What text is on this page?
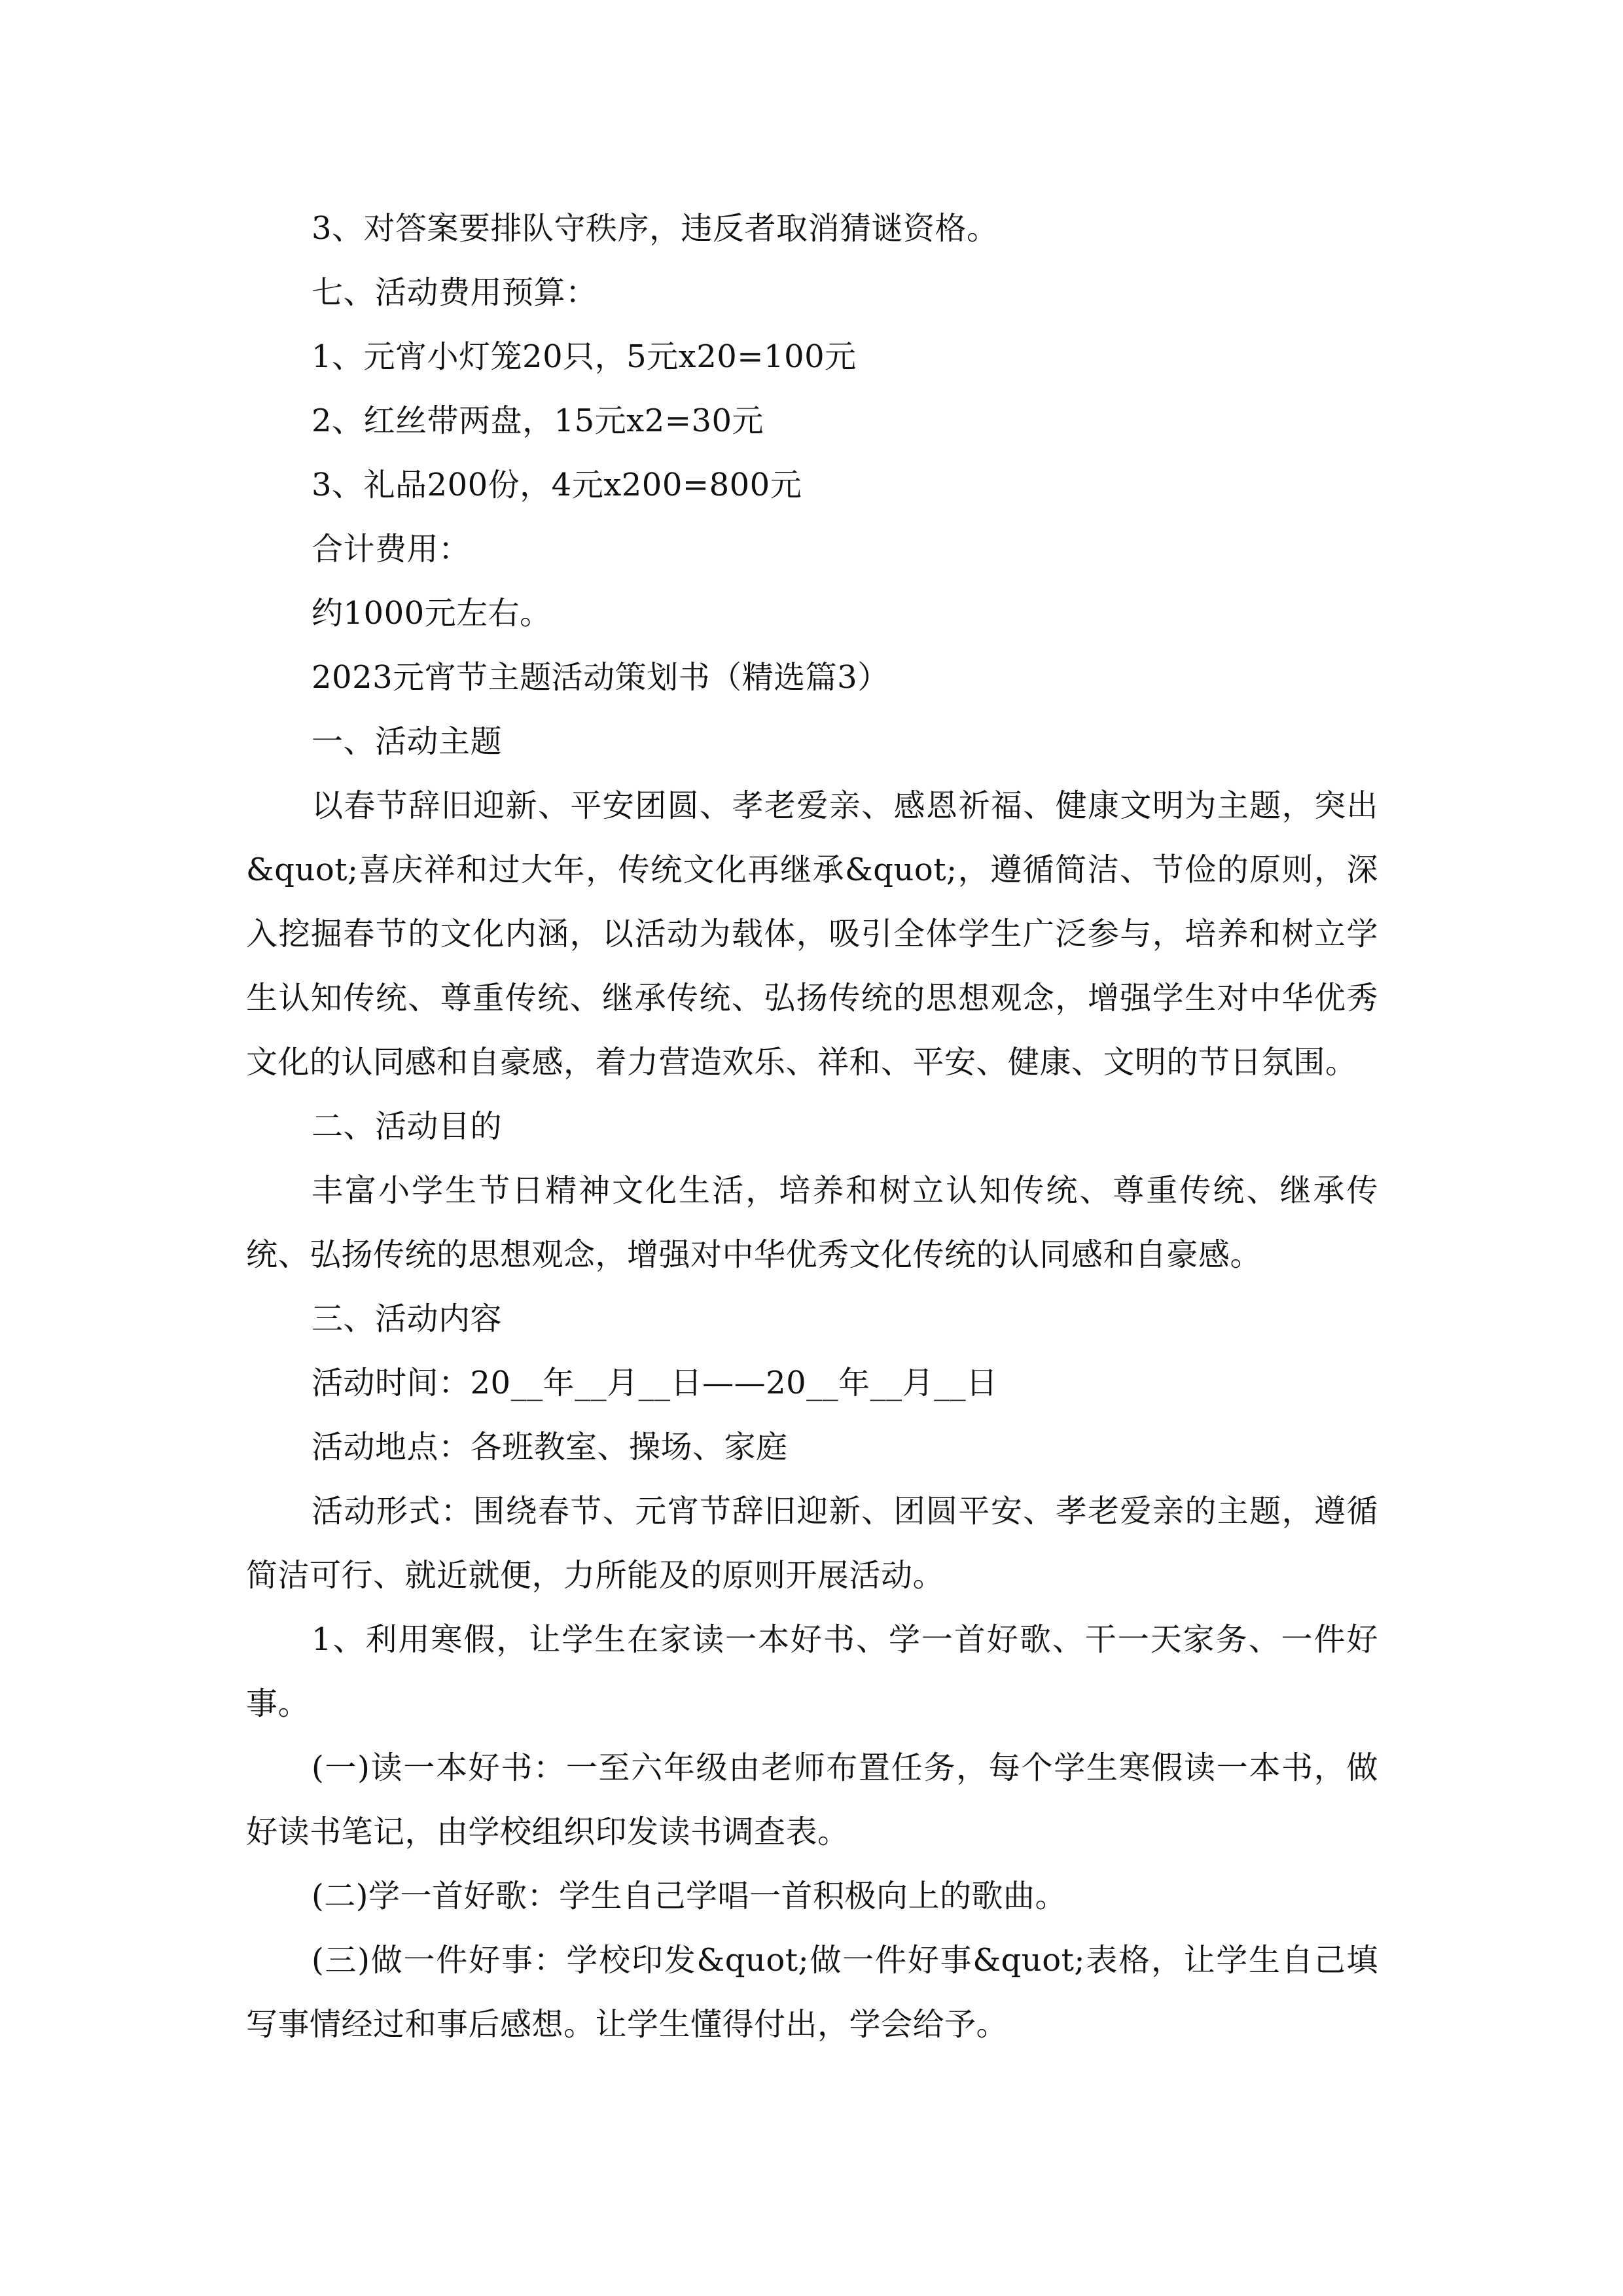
3、对答案要排队守秩序，违反者取消猜谜资格。

七、活动费用预算：

1、元宵小灯笼20只，5元x20=100元

2、红丝带两盘，15元x2=30元

3、礼品200份，4元x200=800元

合计费用：

约1000元左右。

2023元宵节主题活动策划书（精选篇3）

一、活动主题

以春节辞旧迎新、平安团圆、孝老爱亲、感恩祈福、健康文明为主题，突出&quot;喜庆祥和过大年，传统文化再继承&quot;，遵循简洁、节俭的原则，深入挖掘春节的文化内涵，以活动为载体，吸引全体学生广泛参与，培养和树立学生认知传统、尊重传统、继承传统、弘扬传统的思想观念，增强学生对中华优秀文化的认同感和自豪感，着力营造欢乐、祥和、平安、健康、文明的节日氛围。

二、活动目的

丰富小学生节日精神文化生活，培养和树立认知传统、尊重传统、继承传统、弘扬传统的思想观念，增强对中华优秀文化传统的认同感和自豪感。

三、活动内容

活动时间：20__年__月__日——20__年__月__日

活动地点：各班教室、操场、家庭

活动形式：围绕春节、元宵节辞旧迎新、团圆平安、孝老爱亲的主题，遵循简洁可行、就近就便，力所能及的原则开展活动。

1、利用寒假，让学生在家读一本好书、学一首好歌、干一天家务、一件好事。

(一)读一本好书：一至六年级由老师布置任务，每个学生寒假读一本书，做好读书笔记，由学校组织印发读书调查表。

(二)学一首好歌：学生自己学唱一首积极向上的歌曲。

(三)做一件好事：学校印发&quot;做一件好事&quot;表格，让学生自己填写事情经过和事后感想。让学生懂得付出，学会给予。
